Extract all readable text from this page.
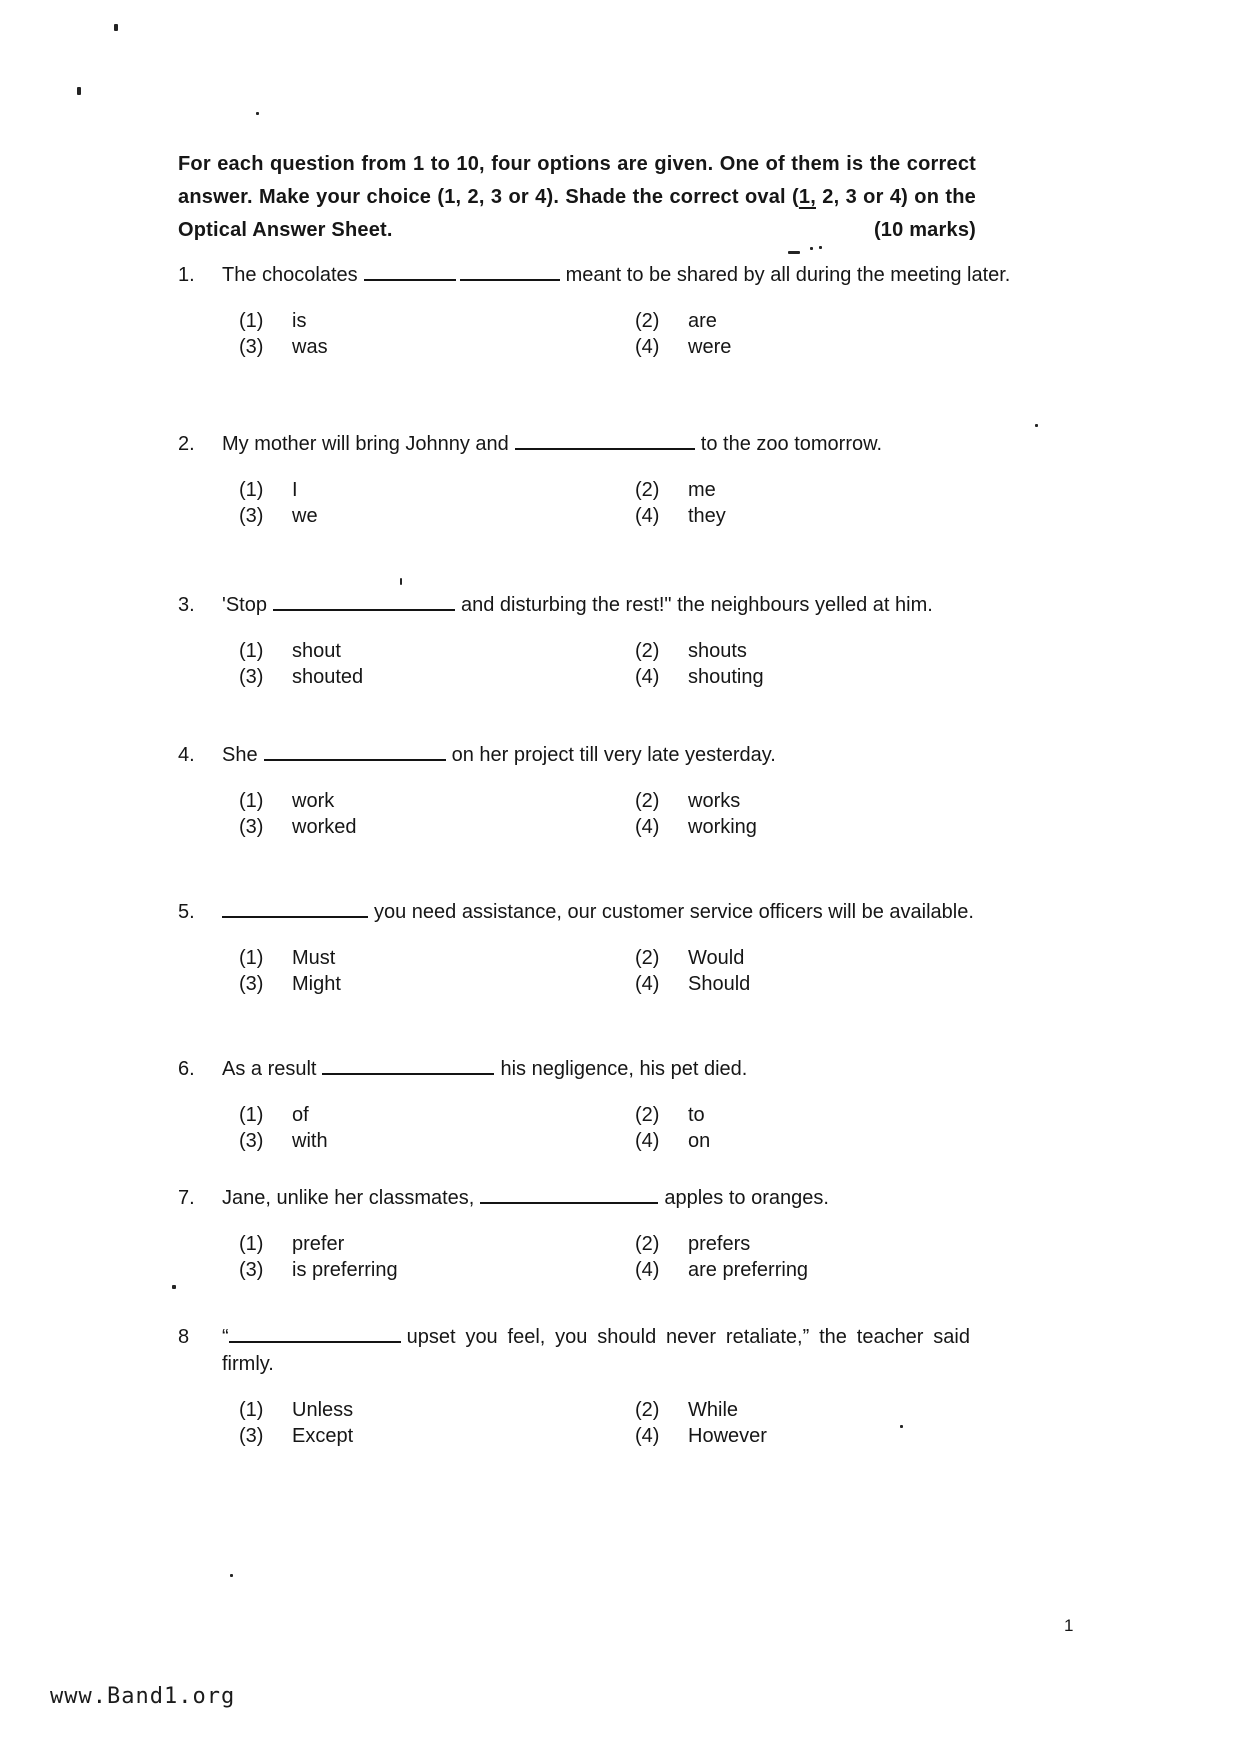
For each question from 1 to 10, four options are given. One of them is the correct
answer. Make your choice (1, 2, 3 or 4). Shade the correct oval (1, 2, 3 or 4) on the
Optical Answer Sheet.	(10 marks)
1.	The chocolates	meant to be shared by all during the meeting later.
(1)	is	(2)	are
(3)	was	(4)	were
2.	My mother will bring Johnny and	to the zoo tomorrow.
(1)	I	(2)	me
(3)	we	(4)	they
3.	'Stop	and disturbing the rest!" the neighbours yelled at him.
(1)	shout	(2)	shouts
(3)	shouted	(4)	shouting
4.	She	on her project till very late yesterday.
(1)	work	(2)	works
(3)	worked	(4)	working
5.	you need assistance, our customer service officers will be available.
(1)	Must	(2)	Would
(3)	Might	(4)	Should
6.	As a result	his negligence, his pet died.
(1)	of	(2)	to
(3)	with	(4)	on
7.	Jane, unlike her classmates,	apples to oranges.
(1)	prefer	(2)	prefers
(3)	is preferring	(4)	are preferring
8	“	upset you feel, you should never retaliate,” the teacher said firmly.
(1)	Unless	(2)	While
(3)	Except	(4)	However
1
www.Band1.org
